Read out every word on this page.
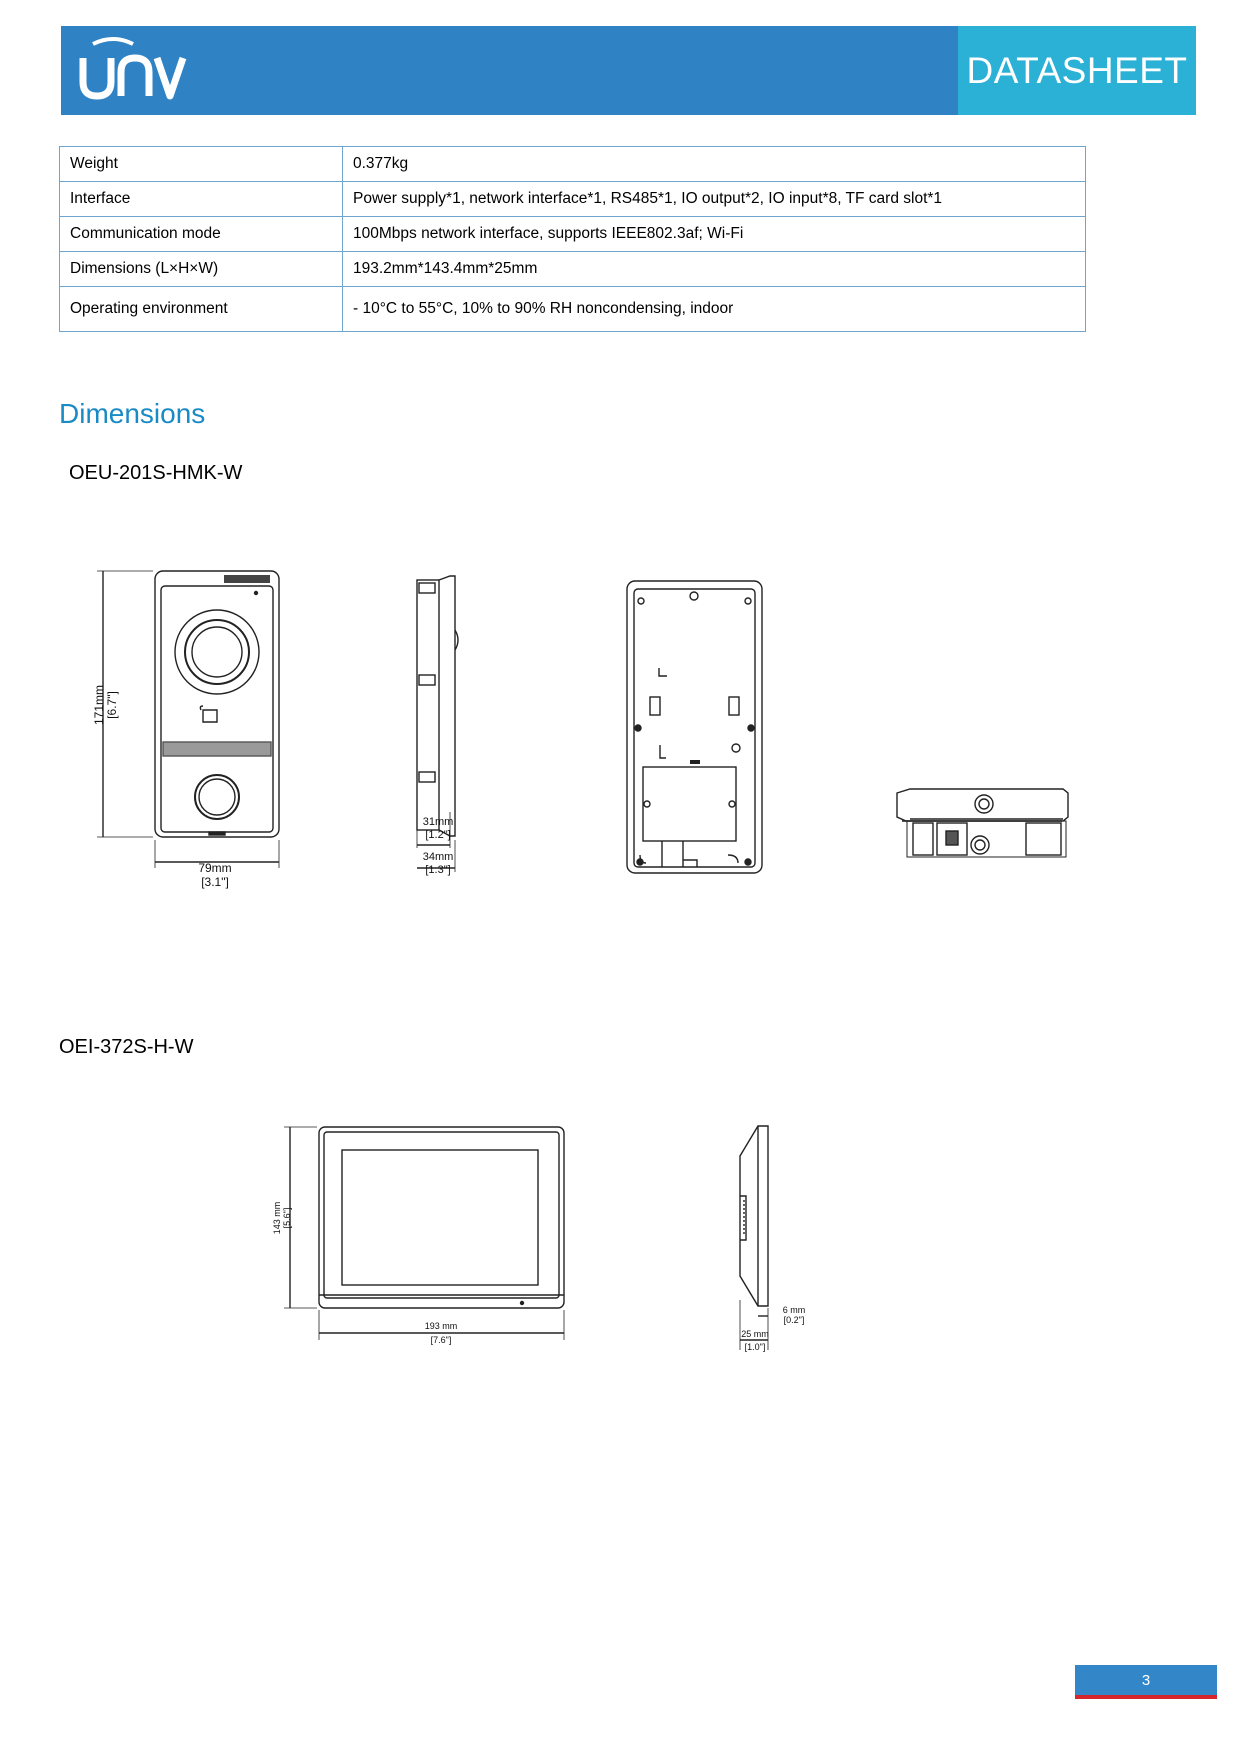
DATASHEET
Weight	0.377kg
Interface	Power supply*1, network interface*1, RS485*1, IO output*2, IO input*8, TF card slot*1
Communication mode	100Mbps network interface, supports IEEE802.3af; Wi-Fi
Dimensions (L×H×W)	193.2mm*143.4mm*25mm
Operating environment	- 10°C to 55°C, 10% to 90% RH noncondensing, indoor
Dimensions
OEU-201S-HMK-W
OEI-372S-H-W
171mm [6.7"]
79mm
[3.1"]
31mm
[1.2"]
34mm
[1.3"]
143 mm [5.6"]
193 mm
[7.6"]
6 mm
[0.2"]
25 mm
[1.0"]
3
